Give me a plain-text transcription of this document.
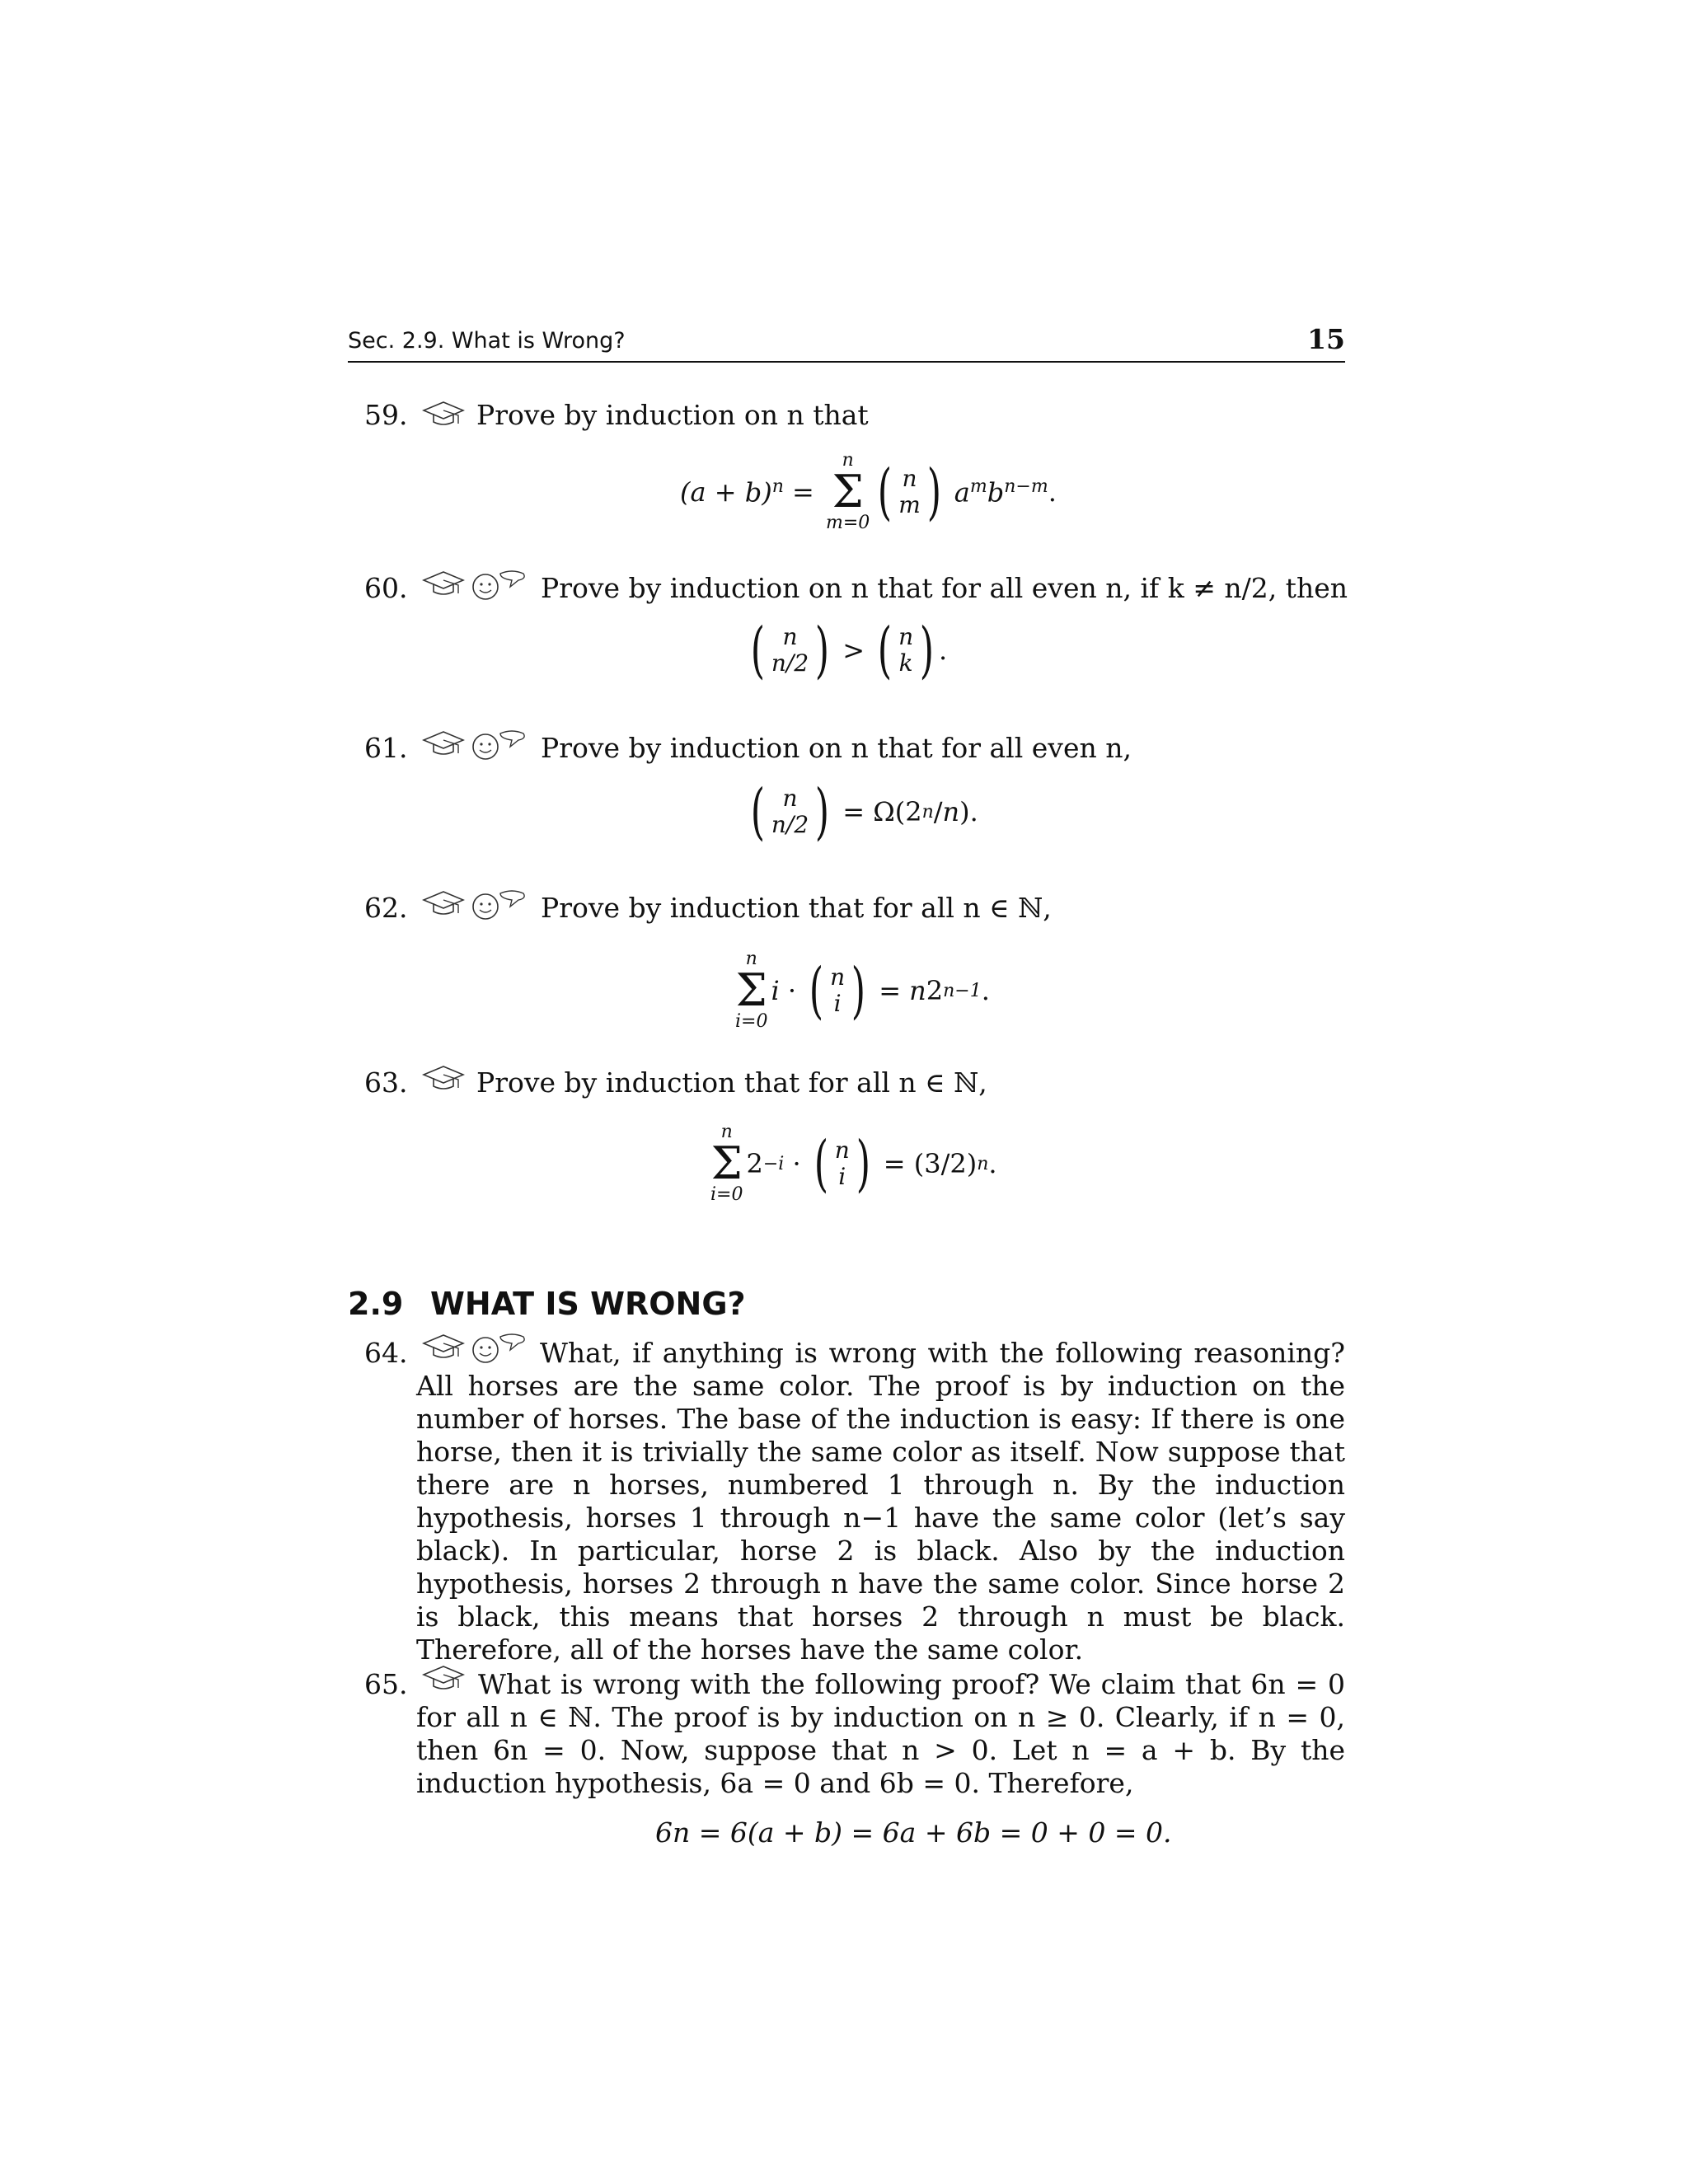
Sec. 2.9. What is Wrong?	15
59.	Prove by induction on n that
$(a + b)^n$ =
n
Σ
m=0 ( n
m )
$a^mb^{n-m}$ .
60.
	Prove by induction on n that for all even n, if k ≠ n/2, then
( n
n/2 ) > ( n
k ) .
61.
	Prove by induction on n that for all even n,
( n
n/2 ) = Ω(2 n / n ).
62.
	Prove by induction that for all n ∈ ℕ,
n
Σ
i=0
i · ( n
i ) = n 2 n−1 .
63.	Prove by induction that for all n ∈ ℕ,
n
Σ
i=0
2 −i · ( n
i ) = (3/2) n .
2.9 WHAT IS WRONG?
64.
	What, if anything is wrong with the following reasoning? All horses are the same color. The proof is by induction on the number of horses. The base of the induction is easy: If there is one horse, then it is trivially the same color as itself. Now suppose that there are n horses, numbered 1 through n. By the induction hypothesis, horses 1 through n−1 have the same color (let’s say black). In particular, horse 2 is black. Also by the induction hypothesis, horses 2 through n have the same color. Since horse 2 is black, this means that horses 2 through n must be black. Therefore, all of the horses have the same color.
65.	What is wrong with the following proof? We claim that 6n = 0 for all n ∈ ℕ. The proof is by induction on n ≥ 0. Clearly, if n = 0, then 6n = 0. Now, suppose that n > 0. Let n = a + b. By the induction hypothesis, 6a = 0 and 6b = 0. Therefore,
6n = 6(a + b) = 6a + 6b = 0 + 0 = 0.
